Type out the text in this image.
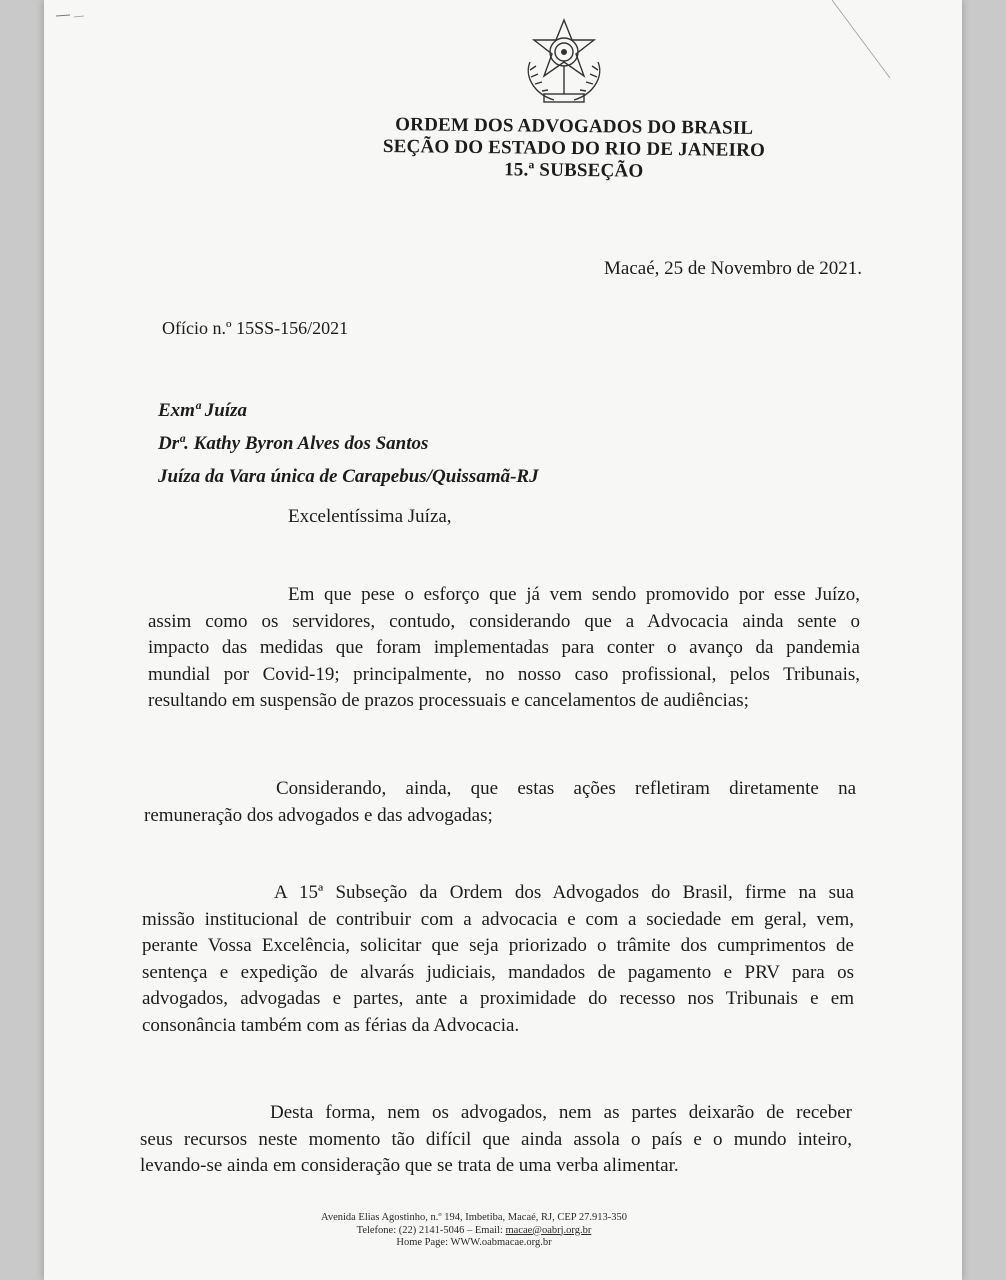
ORDEM DOS ADVOGADOS DO BRASIL
SEÇÃO DO ESTADO DO RIO DE JANEIRO
15.ª SUBSEÇÃO
Macaé, 25 de Novembro de 2021.
Ofício n.º 15SS-156/2021
Exmª Juíza
Drª. Kathy Byron Alves dos Santos
Juíza da Vara única de Carapebus/Quissamã-RJ
Excelentíssima Juíza,
Em que pese o esforço que já vem sendo promovido por esse Juízo,
assim como os servidores, contudo, considerando que a Advocacia ainda sente o
impacto das medidas que foram implementadas para conter o avanço da pandemia
mundial por Covid-19; principalmente, no nosso caso profissional, pelos Tribunais,
resultando em suspensão de prazos processuais e cancelamentos de audiências;
Considerando, ainda, que estas ações refletiram diretamente na
remuneração dos advogados e das advogadas;
A 15ª Subseção da Ordem dos Advogados do Brasil, firme na sua
missão institucional de contribuir com a advocacia e com a sociedade em geral, vem,
perante Vossa Excelência, solicitar que seja priorizado o trâmite dos cumprimentos de
sentença e expedição de alvarás judiciais, mandados de pagamento e PRV para os
advogados, advogadas e partes, ante a proximidade do recesso nos Tribunais e em
consonância também com as férias da Advocacia.
Desta forma, nem os advogados, nem as partes deixarão de receber
seus recursos neste momento tão difícil que ainda assola o país e o mundo inteiro,
levando-se ainda em consideração que se trata de uma verba alimentar.
Avenida Elias Agostinho, n.º 194, Imbetiba, Macaé, RJ, CEP 27.913-350
Telefone: (22) 2141-5046 – Email: macae@oabrj.org.br
Home Page: WWW.oabmacae.org.br
